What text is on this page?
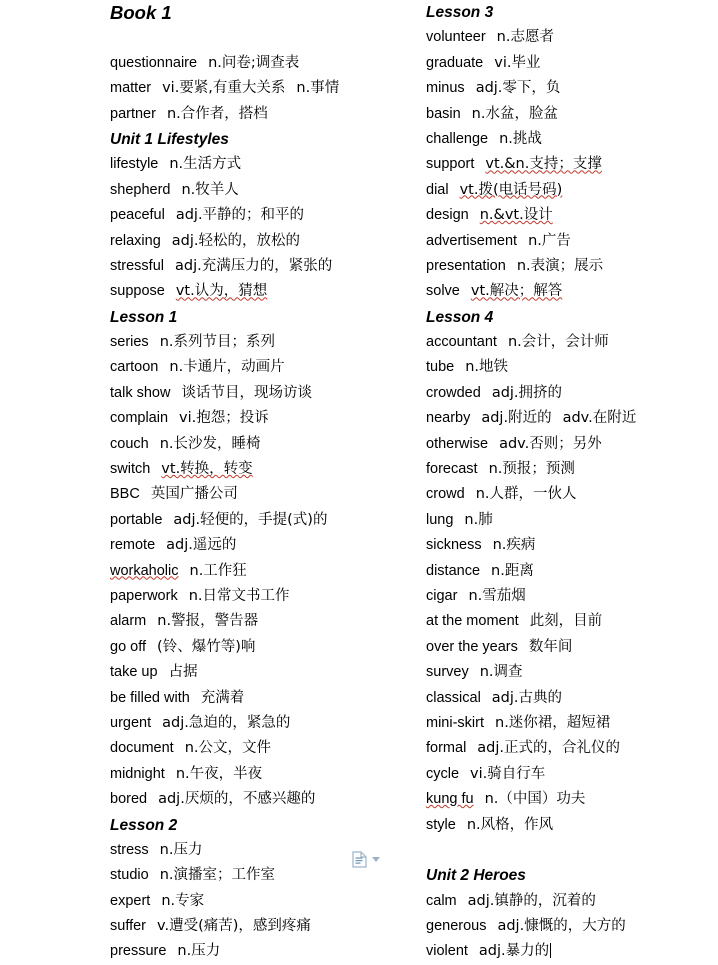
Book 1
questionnaire n.问卷;调查表
matter vi.要紧,有重大关系 n.事情
partner n.合作者，搭档
Unit 1 Lifestyles
lifestyle n.生活方式
shepherd n.牧羊人
peaceful adj.平静的；和平的
relaxing adj.轻松的，放松的
stressful adj.充满压力的，紧张的
suppose vt.认为，猜想
Lesson 1
series n.系列节目；系列
cartoon n.卡通片，动画片
talk show 谈话节目，现场访谈
complain vi.抱怨；投诉
couch n.长沙发，睡椅
switch vt.转换，转变
BBC 英国广播公司
portable adj.轻便的，手提(式)的
remote adj.遥远的
workaholic n.工作狂
paperwork n.日常文书工作
alarm n.警报，警告器
go off (铃、爆竹等)响
take up 占据
be filled with 充满着
urgent adj.急迫的，紧急的
document n.公文，文件
midnight n.午夜，半夜
bored adj.厌烦的，不感兴趣的
Lesson 2
stress n.压力
studio n.演播室；工作室
expert n.专家
suffer v.遭受(痛苦)，感到疼痛
pressure n.压力
Lesson 3
volunteer n.志愿者
graduate vi.毕业
minus adj.零下，负
basin n.水盆，脸盆
challenge n.挑战
support vt.&n.支持；支撑
dial vt.拨(电话号码)
design n.&vt.设计
advertisement n.广告
presentation n.表演；展示
solve vt.解决；解答
Lesson 4
accountant n.会计，会计师
tube n.地铁
crowded adj.拥挤的
nearby adj.附近的 adv.在附近
otherwise adv.否则；另外
forecast n.预报；预测
crowd n.人群，一伙人
lung n.肺
sickness n.疾病
distance n.距离
cigar n.雪茄烟
at the moment 此刻，目前
over the years 数年间
survey n.调查
classical adj.古典的
mini-skirt n.迷你裙，超短裙
formal adj.正式的，合礼仪的
cycle vi.骑自行车
kung fu n.（中国）功夫
style n.风格，作风
Unit 2 Heroes
calm adj.镇静的，沉着的
generous adj.慷慨的，大方的
violent adj.暴力的
